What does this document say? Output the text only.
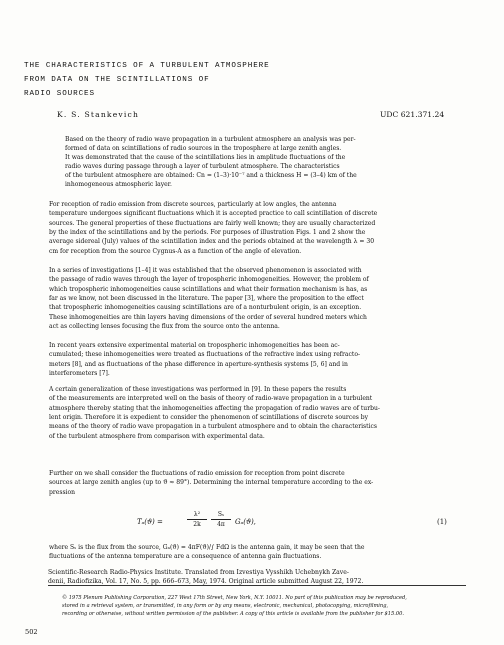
THE CHARACTERISTICS OF A TURBULENT ATMOSPHERE
FROM DATA ON THE SCINTILLATIONS OF
RADIO SOURCES
K. S. Stankevich	UDC 621.371.24
Based on the theory of radio wave propagation in a turbulent atmosphere an analysis was per-
formed of data on scintillations of radio sources in the troposphere at large zenith angles.
It was demonstrated that the cause of the scintillations lies in amplitude fluctuations of the
radio waves during passage through a layer of turbulent atmosphere. The characteristics
of the turbulent atmosphere are obtained: Cn = (1–3)·10⁻⁷ and a thickness H = (3–4) km of the
inhomogeneous atmospheric layer.
For reception of radio emission from discrete sources, particularly at low angles, the antenna
temperature undergoes significant fluctuations which it is accepted practice to call scintillation of discrete
sources. The general properties of these fluctuations are fairly well known; they are usually characterized
by the index of the scintillations and by the periods. For purposes of illustration Figs. 1 and 2 show the
average sidereal (July) values of the scintillation index and the periods obtained at the wavelength λ = 30
cm for reception from the source Cygnus-A as a function of the angle of elevation.
In a series of investigations [1–4] it was established that the observed phenomenon is associated with
the passage of radio waves through the layer of tropospheric inhomogeneities. However, the problem of
which tropospheric inhomogeneities cause scintillations and what their formation mechanism is has, as
far as we know, not been discussed in the literature. The paper [3], where the proposition to the effect
that tropospheric inhomogeneities causing scintillations are of a nonturbulent origin, is an exception.
These inhomogeneities are thin layers having dimensions of the order of several hundred meters which
act as collecting lenses focusing the flux from the source onto the antenna.
In recent years extensive experimental material on tropospheric inhomogeneities has been ac-
cumulated; these inhomogeneities were treated as fluctuations of the refractive index using refracto-
meters [8], and as fluctuations of the phase difference in aperture-synthesis systems [5, 6] and in
interferometers [7].
A certain generalization of these investigations was performed in [9]. In these papers the results
of the measurements are interpreted well on the basis of theory of radio-wave propagation in a turbulent
atmosphere thereby stating that the inhomogeneities affecting the propagation of radio waves are of turbu-
lent origin. Therefore it is expedient to consider the phenomenon of scintillations of discrete sources by
means of the theory of radio wave propagation in a turbulent atmosphere and to obtain the characteristics
of the turbulent atmosphere from comparison with experimental data.
Further on we shall consider the fluctuations of radio emission for reception from point discrete
sources at large zenith angles (up to ϑ ≈ 89°). Determining the internal temperature according to the ex-
pression
Tₐ(ϑ) =	$\frac{\text{λ²}}{2k} \frac{\text{Sₛ}}{4\pi} G_a(ϑ)$,	(1)
where Sₛ is the flux from the source, Gₐ(ϑ) = 4πF(ϑ)/∫ FdΩ is the antenna gain, it may be seen that the
fluctuations of the antenna temperature are a consequence of antenna gain fluctuations.
Scientific-Research Radio-Physics Institute. Translated from Izvestiya Vysshikh Uchebnykh Zave-
denii, Radiofizika, Vol. 17, No. 5, pp. 666–673, May, 1974. Original article submitted August 22, 1972.
© 1975 Plenum Publishing Corporation, 227 West 17th Street, New York, N.Y. 10011. No part of this publication may be reproduced,
stored in a retrieval system, or transmitted, in any form or by any means, electronic, mechanical, photocopying, microfilming,
recording or otherwise, without written permission of the publisher. A copy of this article is available from the publisher for $15.00.
502
